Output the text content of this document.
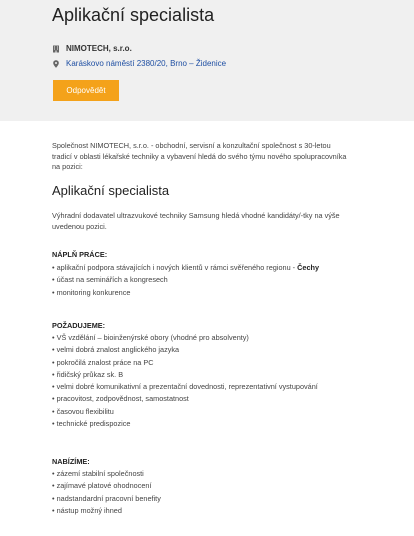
Aplikační specialista
NIMOTECH, s.r.o.
Karáskovo náměstí 2380/20, Brno – Židenice
Odpovědět

Společnost NIMOTECH, s.r.o. - obchodní, servisní a konzultační společnost s 30-letou tradicí v oblasti lékařské techniky a vybavení hledá do svého týmu nového spolupracovníka na pozici:

Aplikační specialista

Výhradní dodavatel ultrazvukové techniky Samsung hledá vhodné kandidáty/-tky na výše uvedenou pozici.

NÁPLŇ PRÁCE:

• aplikační podpora stávajících i nových klientů v rámci svěřeného regionu - Čechy
• účast na seminářích a kongresech
• monitoring konkurence

POŽADUJEME:

• VŠ vzdělání – bioinženýrské obory (vhodné pro absolventy)
• velmi dobrá znalost anglického jazyka
• pokročilá znalost práce na PC
• řidičský průkaz sk. B
• velmi dobré komunikativní a prezentační dovednosti, reprezentativní vystupování
• pracovitost, zodpovědnost, samostatnost
• časovou flexibilitu
• technické predispozice

NABÍZÍME:

• zázemí stabilní společnosti
• zajímavé platové ohodnocení
• nadstandardní pracovní benefity
• nástup možný ihned
